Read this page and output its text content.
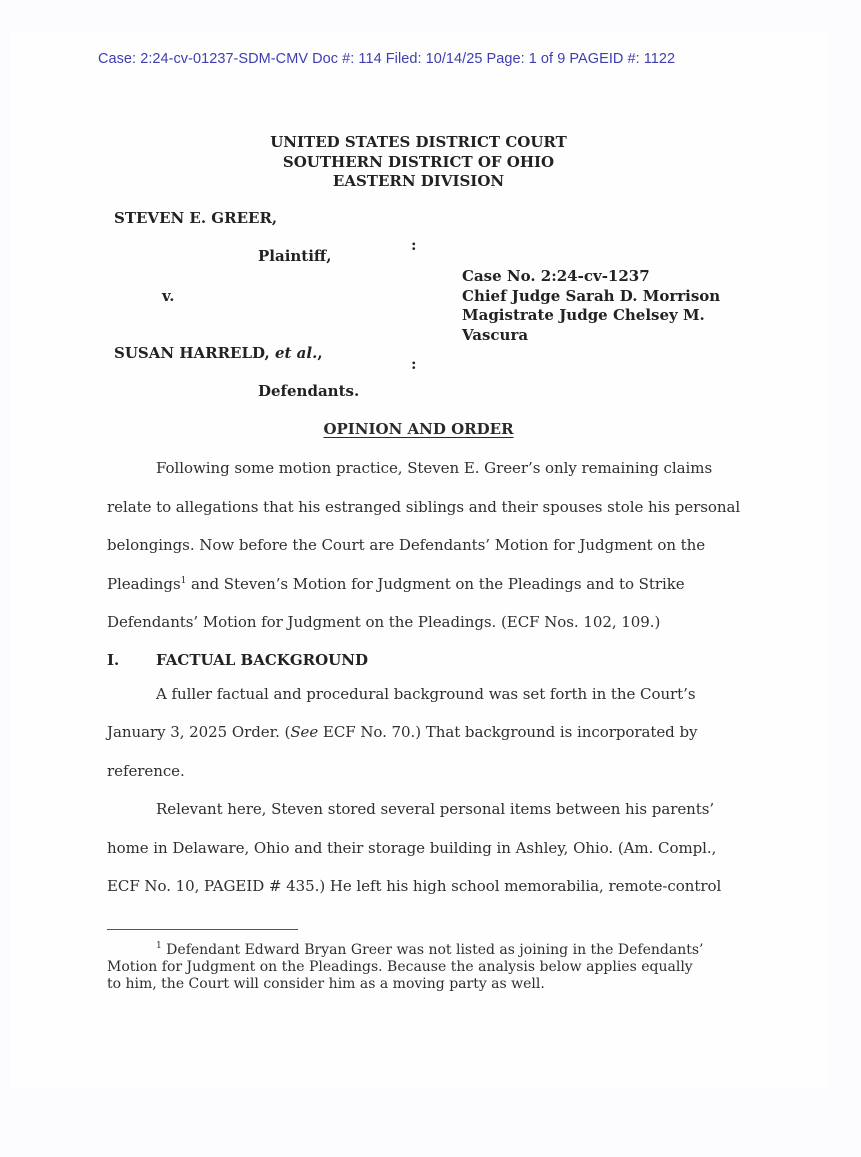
Case: 2:24-cv-01237-SDM-CMV Doc #: 114 Filed: 10/14/25 Page: 1 of 9 PAGEID #: 1122
UNITED STATES DISTRICT COURT
SOUTHERN DISTRICT OF OHIO
EASTERN DIVISION
STEVEN E. GREER,
:
Plaintiff,
v.
Case No. 2:24-cv-1237
Chief Judge Sarah D. Morrison
Magistrate Judge Chelsey M.
Vascura
SUSAN HARRELD, et al.,
:
Defendants.
OPINION AND ORDER
Following some motion practice, Steven E. Greer’s only remaining claims
relate to allegations that his estranged siblings and their spouses stole his personal
belongings. Now before the Court are Defendants’ Motion for Judgment on the
Pleadings$^1$ and Steven’s Motion for Judgment on the Pleadings and to Strike
Defendants’ Motion for Judgment on the Pleadings. (ECF Nos. 102, 109.)
I. FACTUAL BACKGROUND
A fuller factual and procedural background was set forth in the Court’s
January 3, 2025 Order. (See ECF No. 70.) That background is incorporated by
reference.
Relevant here, Steven stored several personal items between his parents’
home in Delaware, Ohio and their storage building in Ashley, Ohio. (Am. Compl.,
ECF No. 10, PAGEID # 435.) He left his high school memorabilia, remote-control
$^1$ Defendant Edward Bryan Greer was not listed as joining in the Defendants’
Motion for Judgment on the Pleadings. Because the analysis below applies equally
to him, the Court will consider him as a moving party as well.
